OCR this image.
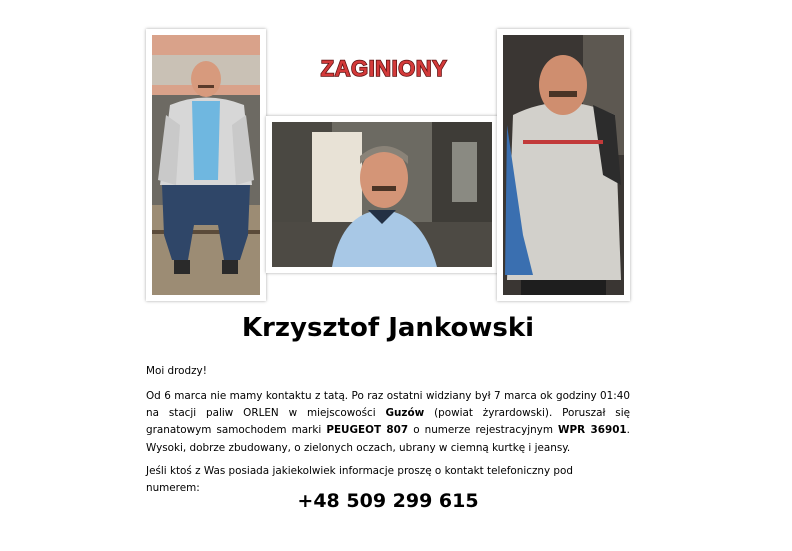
ZAGINIONY
Krzysztof Jankowski
Moi drodzy!
Od 6 marca nie mamy kontaktu z tatą. Po raz ostatni widziany był 7 marca ok godziny 01:40 na stacji paliw ORLEN w miejscowości Guzów (powiat żyrardowski). Poruszał się granatowym samochodem marki PEUGEOT 807 o numerze rejestracyjnym WPR 36901. Wysoki, dobrze zbudowany, o zielonych oczach, ubrany w ciemną kurtkę i jeansy.
Jeśli ktoś z Was posiada jakiekolwiek informacje proszę o kontakt telefoniczny pod numerem:
+48 509 299 615
